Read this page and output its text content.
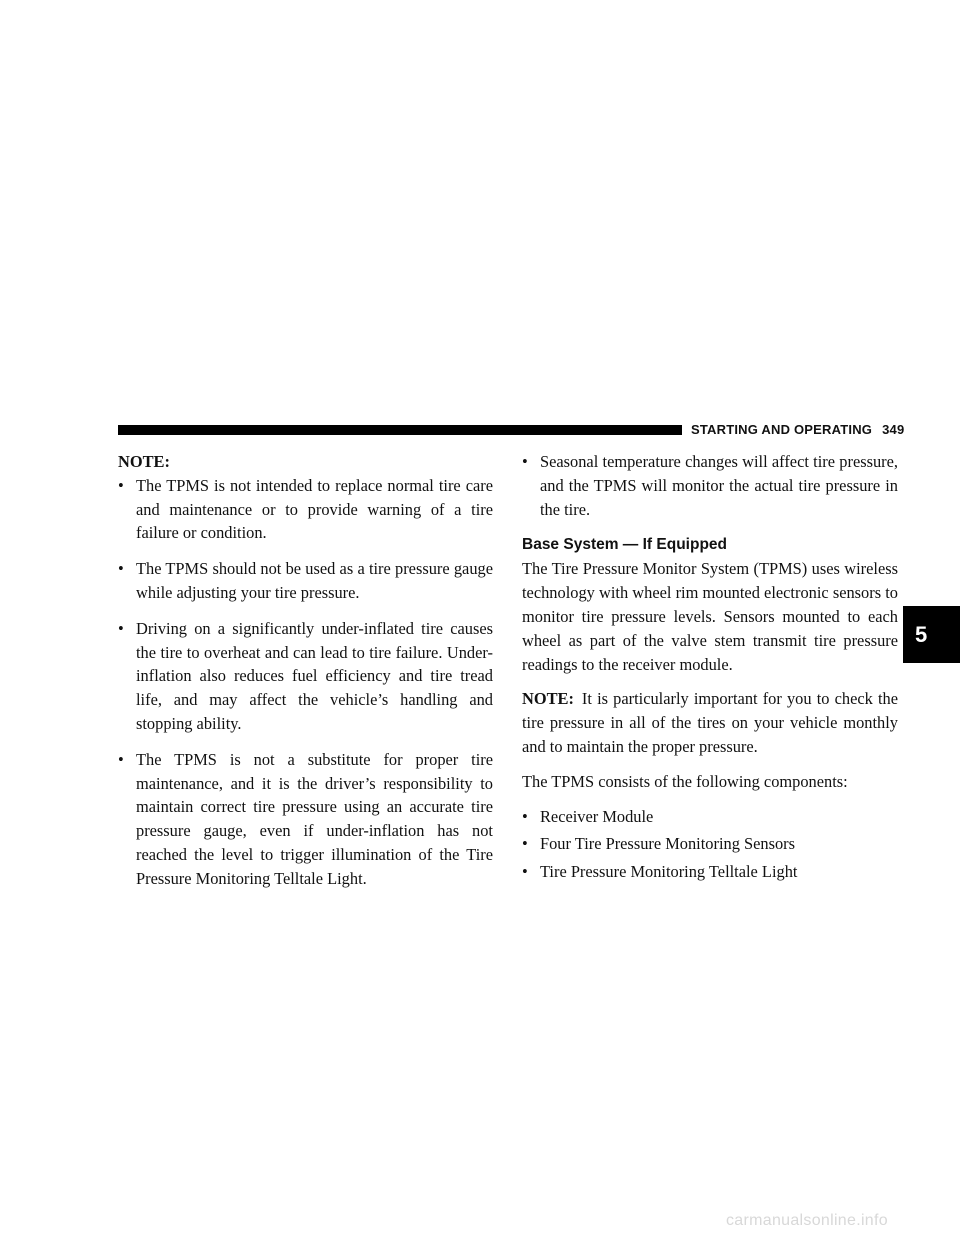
STARTING AND OPERATING 349
NOTE:
• The TPMS is not intended to replace normal tire care and maintenance or to provide warning of a tire failure or condition.
• The TPMS should not be used as a tire pressure gauge while adjusting your tire pressure.
• Driving on a significantly under-inflated tire causes the tire to overheat and can lead to tire failure. Under-inflation also reduces fuel efficiency and tire tread life, and may affect the vehicle’s handling and stopping ability.
• The TPMS is not a substitute for proper tire maintenance, and it is the driver’s responsibility to maintain correct tire pressure using an accurate tire pressure gauge, even if under-inflation has not reached the level to trigger illumination of the Tire Pressure Monitoring Telltale Light.
• Seasonal temperature changes will affect tire pressure, and the TPMS will monitor the actual tire pressure in the tire.
Base System — If Equipped

The Tire Pressure Monitor System (TPMS) uses wireless technology with wheel rim mounted electronic sensors to monitor tire pressure levels. Sensors mounted to each wheel as part of the valve stem transmit tire pressure readings to the receiver module.

NOTE: It is particularly important for you to check the tire pressure in all of the tires on your vehicle monthly and to maintain the proper pressure.

The TPMS consists of the following components:

• Receiver Module
• Four Tire Pressure Monitoring Sensors
• Tire Pressure Monitoring Telltale Light
5
carmanualsonline.info
